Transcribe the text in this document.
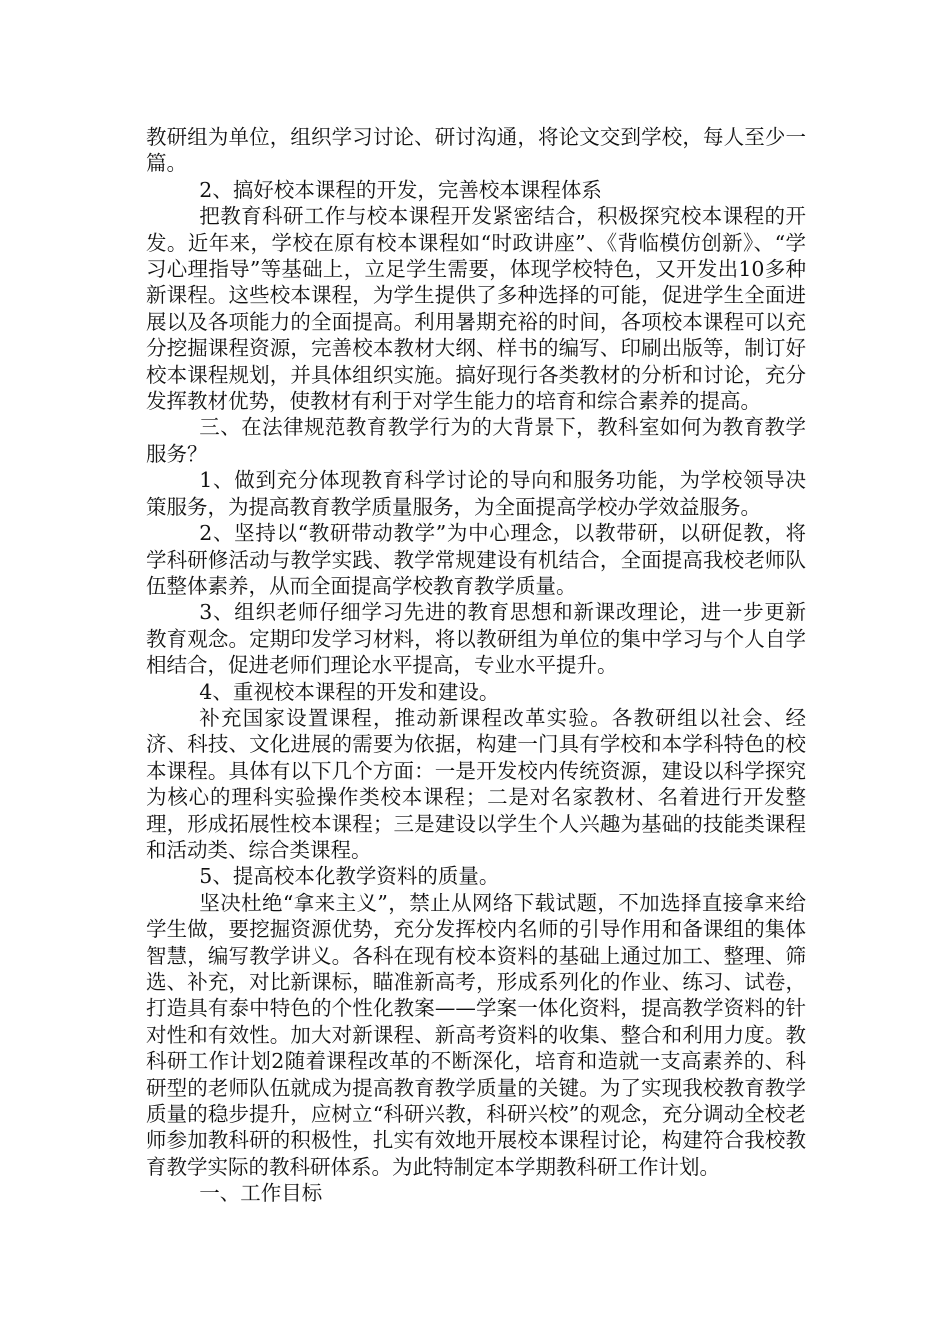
教研组为单位，组织学习讨论、研讨沟通，将论文交到学校，每人至少一篇。

2、搞好校本课程的开发，完善校本课程体系

把教育科研工作与校本课程开发紧密结合，积极探究校本课程的开发。近年来，学校在原有校本课程如“时政讲座”、《背临模仿创新》、“学习心理指导”等基础上，立足学生需要，体现学校特色，又开发出10多种新课程。这些校本课程，为学生提供了多种选择的可能，促进学生全面进展以及各项能力的全面提高。利用暑期充裕的时间，各项校本课程可以充分挖掘课程资源，完善校本教材大纲、样书的编写、印刷出版等，制订好校本课程规划，并具体组织实施。搞好现行各类教材的分析和讨论，充分发挥教材优势，使教材有利于对学生能力的培育和综合素养的提高。

三、在法律规范教育教学行为的大背景下，教科室如何为教育教学服务？

1、做到充分体现教育科学讨论的导向和服务功能，为学校领导决策服务，为提高教育教学质量服务，为全面提高学校办学效益服务。

2、坚持以“教研带动教学”为中心理念，以教带研，以研促教，将学科研修活动与教学实践、教学常规建设有机结合，全面提高我校老师队伍整体素养，从而全面提高学校教育教学质量。

3、组织老师仔细学习先进的教育思想和新课改理论，进一步更新教育观念。定期印发学习材料，将以教研组为单位的集中学习与个人自学相结合，促进老师们理论水平提高，专业水平提升。

4、重视校本课程的开发和建设。

补充国家设置课程，推动新课程改革实验。各教研组以社会、经济、科技、文化进展的需要为依据，构建一门具有学校和本学科特色的校本课程。具体有以下几个方面：一是开发校内传统资源，建设以科学探究为核心的理科实验操作类校本课程；二是对名家教材、名着进行开发整理，形成拓展性校本课程；三是建设以学生个人兴趣为基础的技能类课程和活动类、综合类课程。

5、提高校本化教学资料的质量。

坚决杜绝“拿来主义”，禁止从网络下载试题，不加选择直接拿来给学生做，要挖掘资源优势，充分发挥校内名师的引导作用和备课组的集体智慧，编写教学讲义。各科在现有校本资料的基础上通过加工、整理、筛选、补充，对比新课标，瞄准新高考，形成系列化的作业、练习、试卷，打造具有泰中特色的个性化教案——学案一体化资料，提高教学资料的针对性和有效性。加大对新课程、新高考资料的收集、整合和利用力度。教科研工作计划2随着课程改革的不断深化，培育和造就一支高素养的、科研型的老师队伍就成为提高教育教学质量的关键。为了实现我校教育教学质量的稳步提升，应树立“科研兴教，科研兴校”的观念，充分调动全校老师参加教科研的积极性，扎实有效地开展校本课程讨论，构建符合我校教育教学实际的教科研体系。为此特制定本学期教科研工作计划。

一、工作目标
